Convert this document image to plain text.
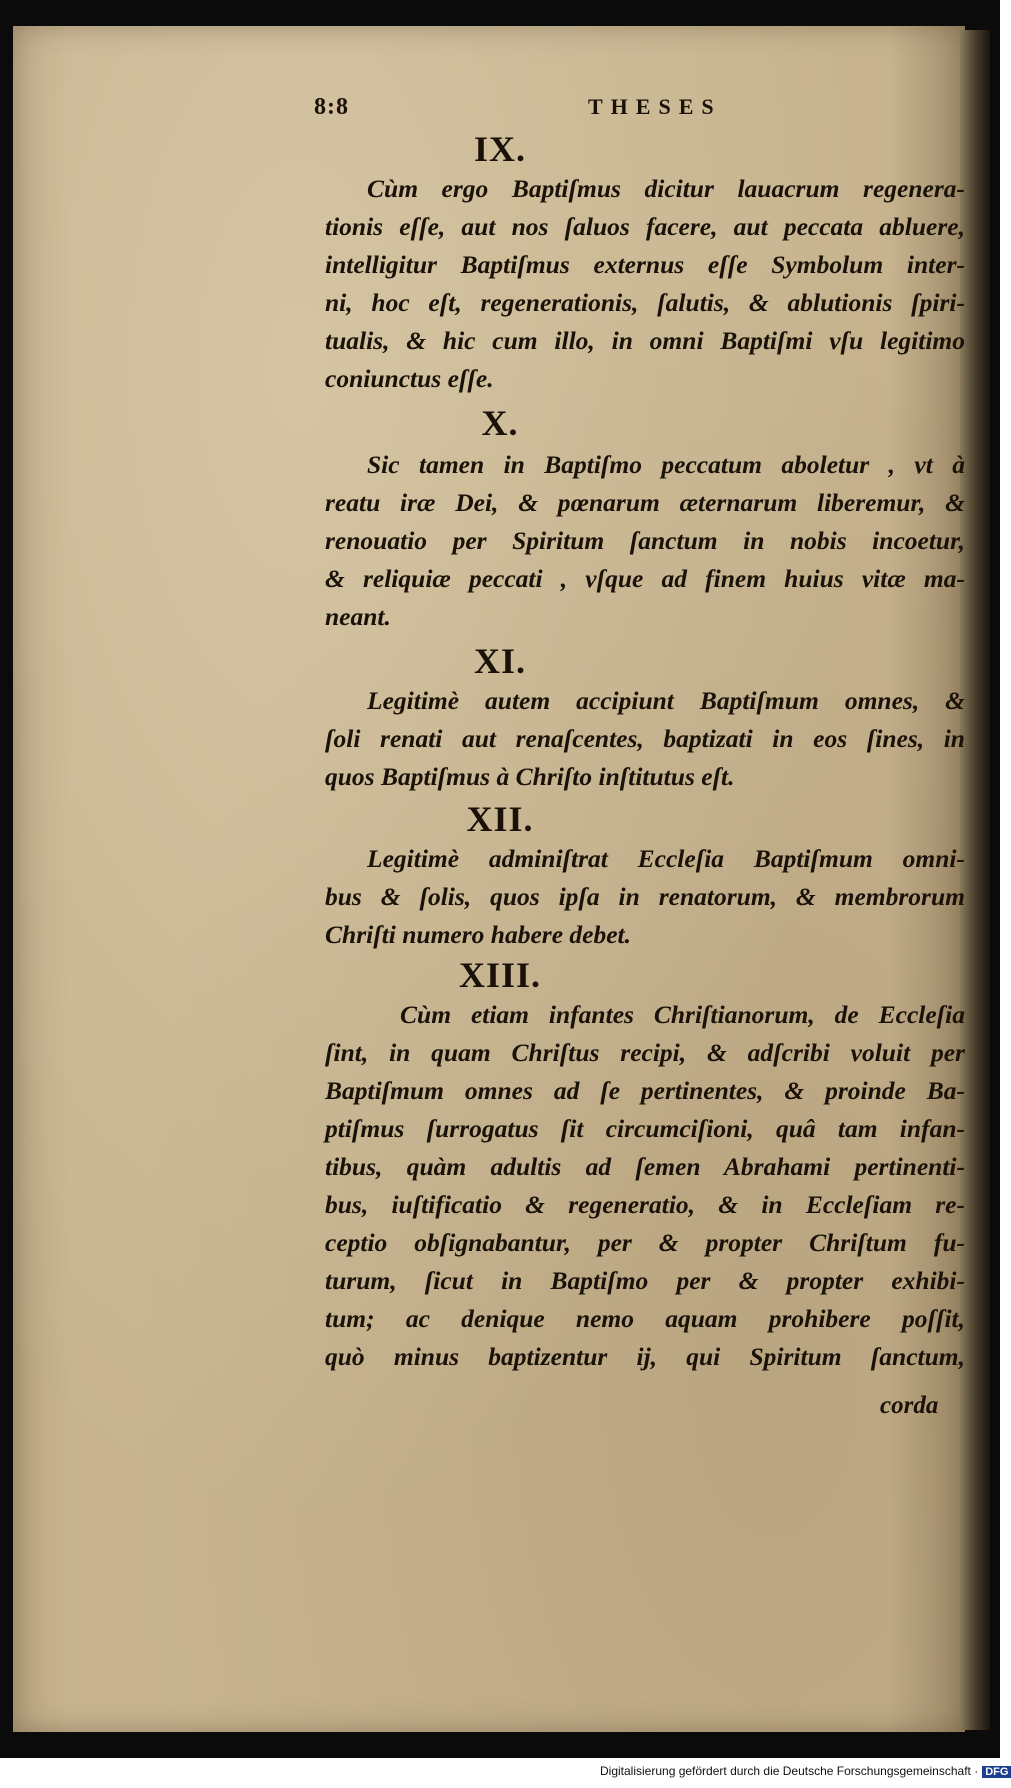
8:8	THESES
IX.
Cùm ergo Baptiſmus dicitur lauacrum regenera-
tionis eſſe, aut nos ſaluos facere, aut peccata abluere,
intelligitur Baptiſmus externus eſſe Symbolum inter-
ni, hoc eſt, regenerationis, ſalutis, & ablutionis ſpiri-
tualis, & hic cum illo, in omni Baptiſmi vſu legitimo
coniunctus eſſe.
X.
Sic tamen in Baptiſmo peccatum aboletur , vt à
reatu iræ Dei, & pœnarum æternarum liberemur, &
renouatio per Spiritum ſanctum in nobis incoetur,
& reliquiæ peccati , vſque ad finem huius vitæ ma-
neant.
XI.
Legitimè autem accipiunt Baptiſmum omnes, &
ſoli renati aut renaſcentes, baptizati in eos ſines, in
quos Baptiſmus à Chriſto inſtitutus eſt.
XII.
Legitimè adminiſtrat Eccleſia Baptiſmum omni-
bus & ſolis, quos ipſa in renatorum, & membrorum
Chriſti numero habere debet.
XIII.
Cùm etiam infantes Chriſtianorum, de Eccleſia
ſint, in quam Chriſtus recipi, & adſcribi voluit per
Baptiſmum omnes ad ſe pertinentes, & proinde Ba-
ptiſmus ſurrogatus ſit circumciſioni, quâ tam infan-
tibus, quàm adultis ad ſemen Abrahami pertinenti-
bus, iuſtificatio & regeneratio, & in Eccleſiam re-
ceptio obſignabantur, per & propter Chriſtum fu-
turum, ſicut in Baptiſmo per & propter exhibi-
tum; ac denique nemo aquam prohibere poſſit,
quò minus baptizentur ij, qui Spiritum ſanctum,
corda
Digitalisierung gefördert durch die Deutsche Forschungsgemeinschaft · DFG
